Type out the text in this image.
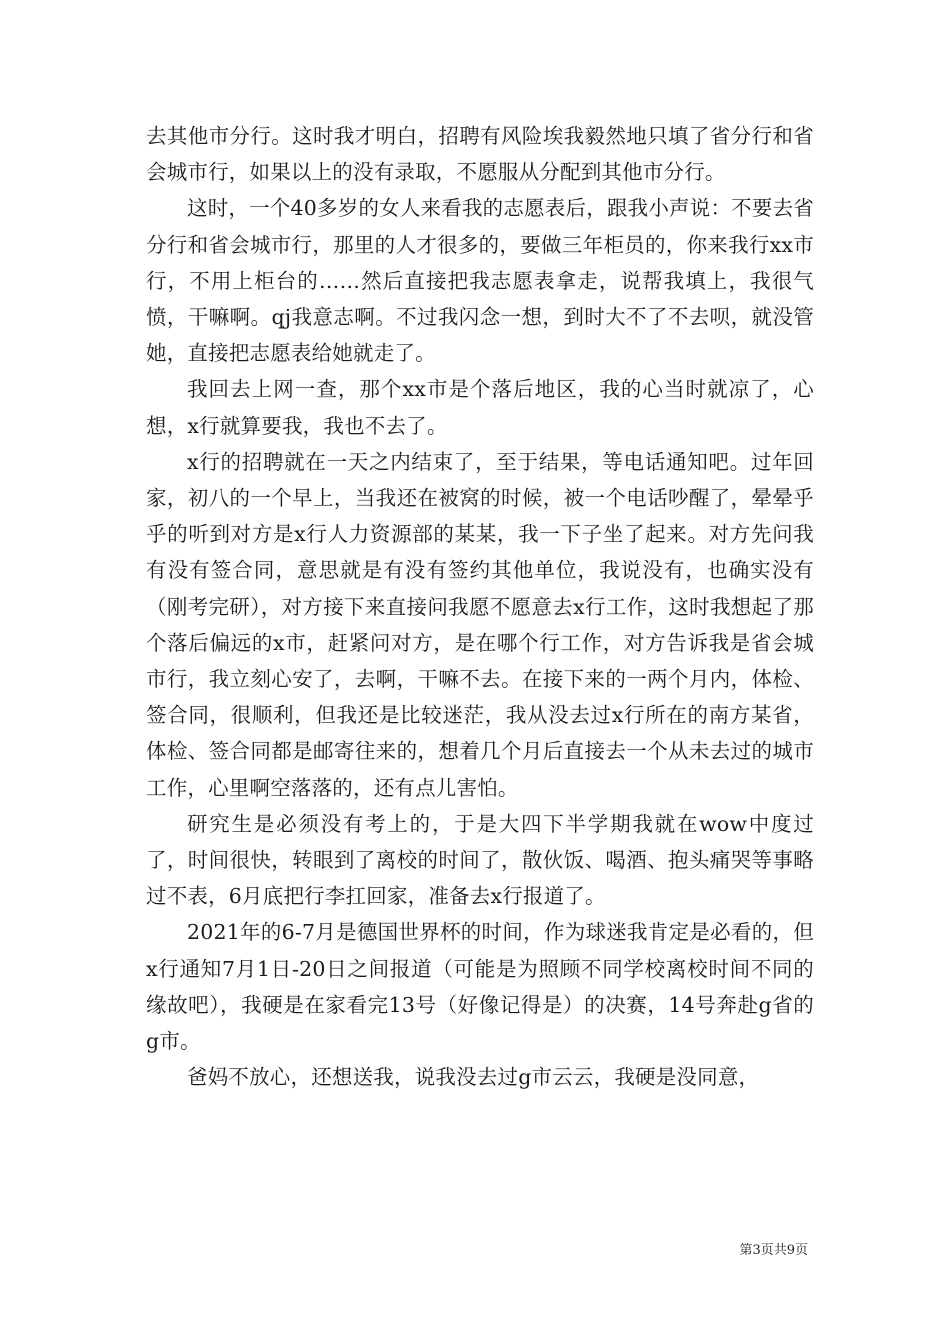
去其他市分行。这时我才明白，招聘有风险埃我毅然地只填了省分行和省会城市行，如果以上的没有录取，不愿服从分配到其他市分行。

这时，一个40多岁的女人来看我的志愿表后，跟我小声说：不要去省分行和省会城市行，那里的人才很多的，要做三年柜员的，你来我行xx市行，不用上柜台的……然后直接把我志愿表拿走，说帮我填上，我很气愤，干嘛啊。qj我意志啊。不过我闪念一想，到时大不了不去呗，就没管她，直接把志愿表给她就走了。

我回去上网一查，那个xx市是个落后地区，我的心当时就凉了，心想，x行就算要我，我也不去了。

x行的招聘就在一天之内结束了，至于结果，等电话通知吧。过年回家，初八的一个早上，当我还在被窝的时候，被一个电话吵醒了，晕晕乎乎的听到对方是x行人力资源部的某某，我一下子坐了起来。对方先问我有没有签合同，意思就是有没有签约其他单位，我说没有，也确实没有（刚考完研），对方接下来直接问我愿不愿意去x行工作，这时我想起了那个落后偏远的x市，赶紧问对方，是在哪个行工作，对方告诉我是省会城市行，我立刻心安了，去啊，干嘛不去。在接下来的一两个月内，体检、签合同，很顺利，但我还是比较迷茫，我从没去过x行所在的南方某省，体检、签合同都是邮寄往来的，想着几个月后直接去一个从未去过的城市工作，心里啊空落落的，还有点儿害怕。

研究生是必须没有考上的，于是大四下半学期我就在wow中度过了，时间很快，转眼到了离校的时间了，散伙饭、喝酒、抱头痛哭等事略过不表，6月底把行李扛回家，准备去x行报道了。

2021年的6-7月是德国世界杯的时间，作为球迷我肯定是必看的，但x行通知7月1日-20日之间报道（可能是为照顾不同学校离校时间不同的缘故吧），我硬是在家看完13号（好像记得是）的决赛，14号奔赴g省的g市。

爸妈不放心，还想送我，说我没去过g市云云，我硬是没同意，

第3页共9页
